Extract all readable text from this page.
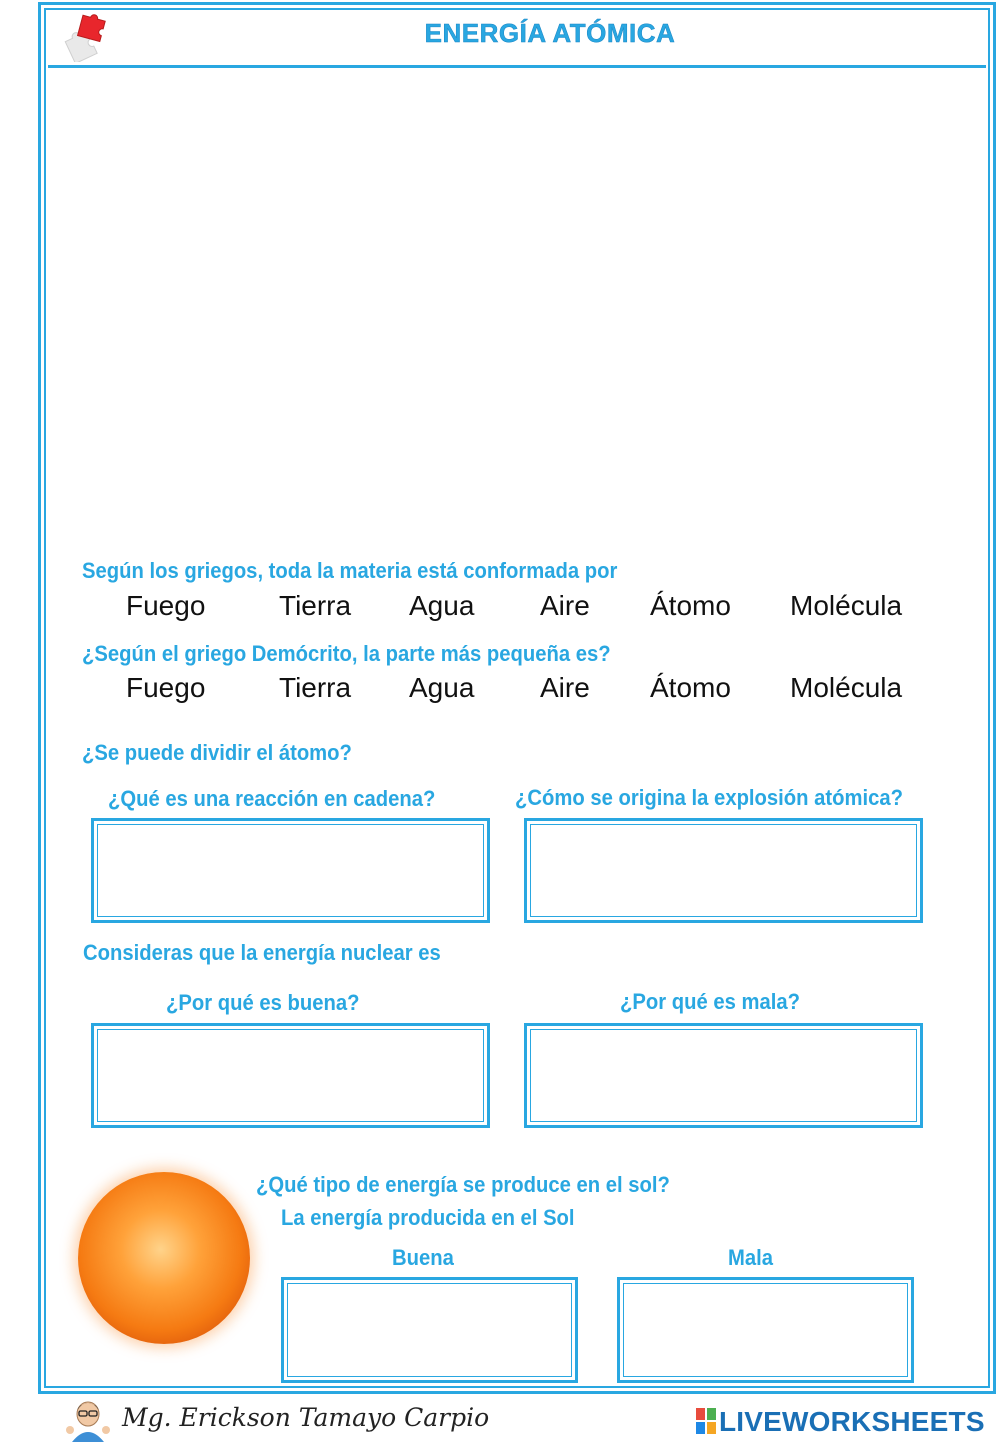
ENERGÍA ATÓMICA
Según los griegos, toda la materia está conformada por
Fuego	Tierra Agua Aire Átomo Molécula
¿Según el griego Demócrito, la parte más pequeña es?
Fuego	Tierra Agua Aire Átomo Molécula
¿Se puede dividir el átomo?
¿Qué es una reacción en cadena?	¿Cómo se origina la explosión atómica?
Consideras que la energía nuclear es
¿Por qué es buena?	¿Por qué es mala?
¿Qué tipo de energía se produce en el sol?
La energía producida en el Sol
Buena	Mala
Mg. Erickson Tamayo Carpio	LIVEWORKSHEETS
